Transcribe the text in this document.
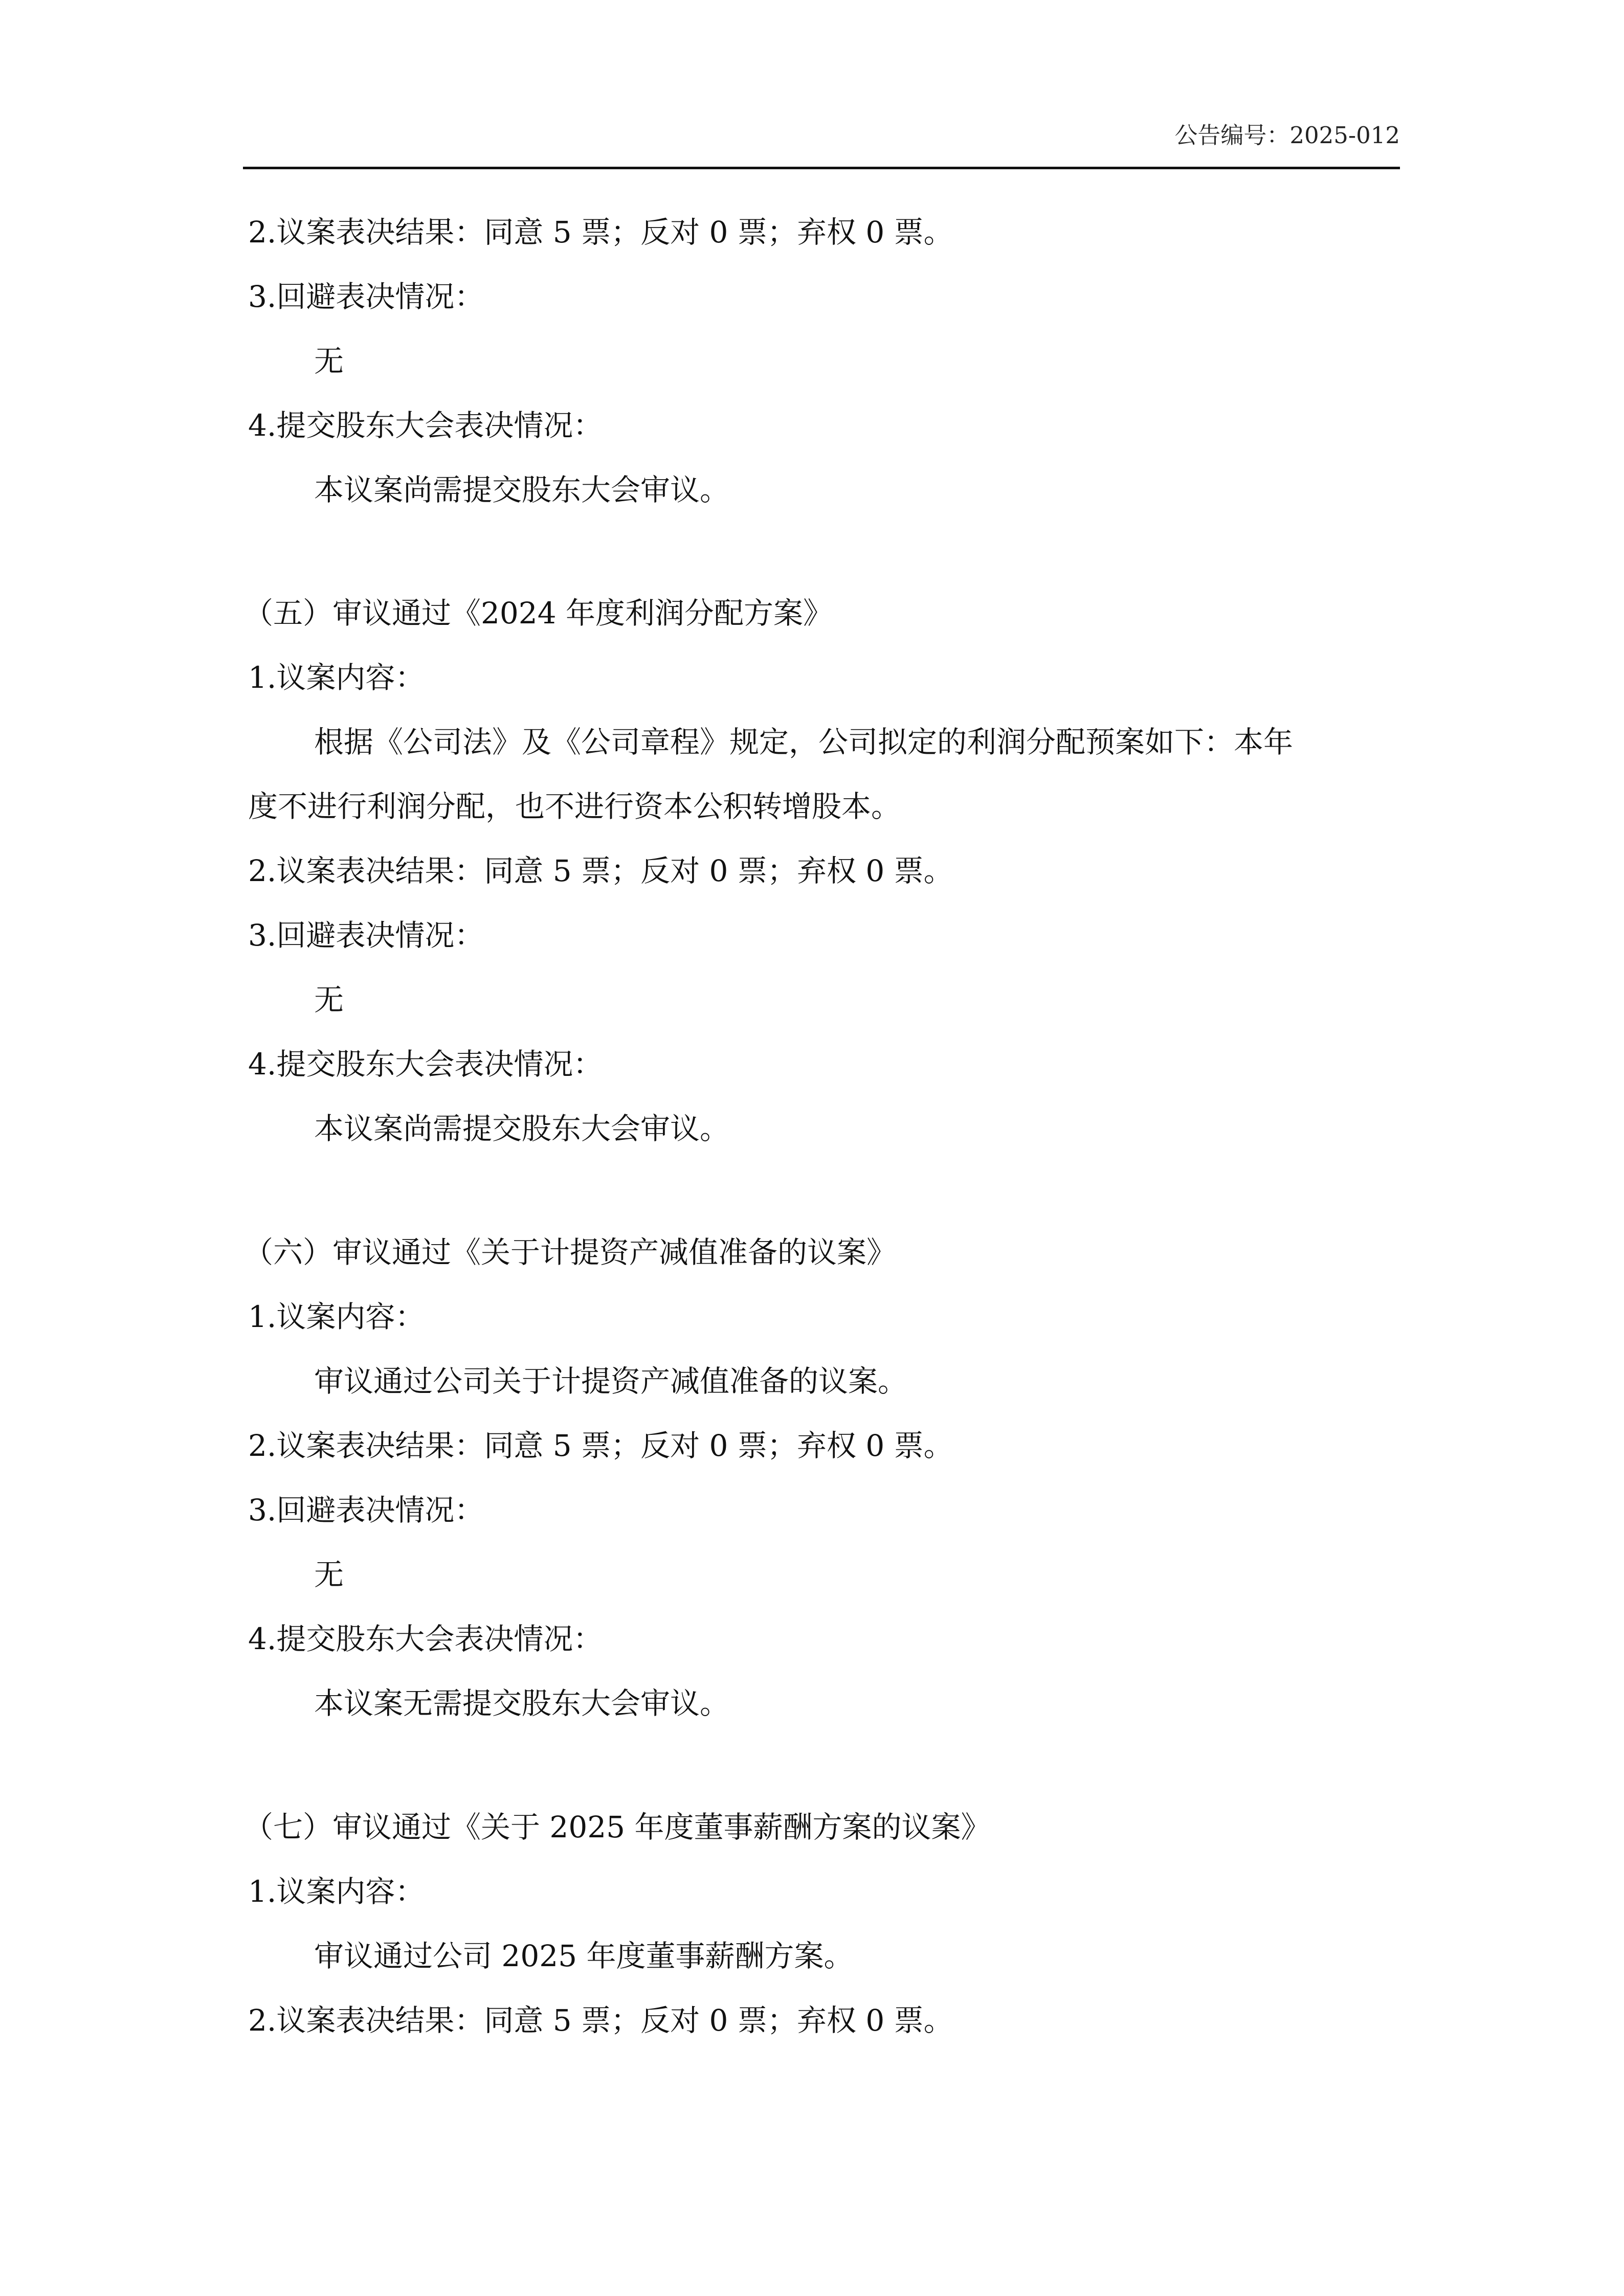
公告编号：2025-012
2.议案表决结果：同意 5 票；反对 0 票；弃权 0 票。
3.回避表决情况：
无
4.提交股东大会表决情况：
本议案尚需提交股东大会审议。
（五）审议通过《2024 年度利润分配方案》
1.议案内容：
根据《公司法》及《公司章程》规定，公司拟定的利润分配预案如下：本年
度不进行利润分配，也不进行资本公积转增股本。
2.议案表决结果：同意 5 票；反对 0 票；弃权 0 票。
3.回避表决情况：
无
4.提交股东大会表决情况：
本议案尚需提交股东大会审议。
（六）审议通过《关于计提资产减值准备的议案》
1.议案内容：
审议通过公司关于计提资产减值准备的议案。
2.议案表决结果：同意 5 票；反对 0 票；弃权 0 票。
3.回避表决情况：
无
4.提交股东大会表决情况：
本议案无需提交股东大会审议。
（七）审议通过《关于 2025 年度董事薪酬方案的议案》
1.议案内容：
审议通过公司 2025 年度董事薪酬方案。
2.议案表决结果：同意 5 票；反对 0 票；弃权 0 票。
